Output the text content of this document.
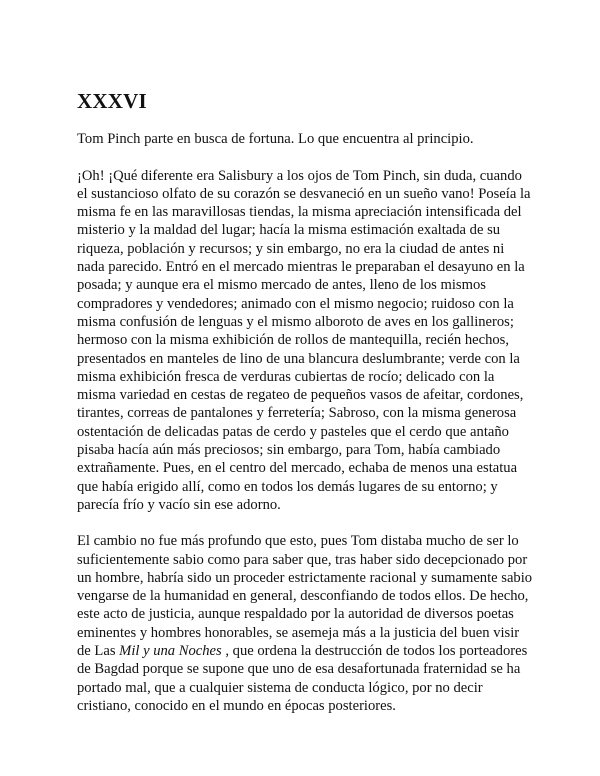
XXXVI

Tom Pinch parte en busca de fortuna. Lo que encuentra al principio.

¡Oh! ¡Qué diferente era Salisbury a los ojos de Tom Pinch, sin duda, cuando el sustancioso olfato de su corazón se desvaneció en un sueño vano! Poseía la misma fe en las maravillosas tiendas, la misma apreciación intensificada del misterio y la maldad del lugar; hacía la misma estimación exaltada de su riqueza, población y recursos; y sin embargo, no era la ciudad de antes ni nada parecido. Entró en el mercado mientras le preparaban el desayuno en la posada; y aunque era el mismo mercado de antes, lleno de los mismos compradores y vendedores; animado con el mismo negocio; ruidoso con la misma confusión de lenguas y el mismo alboroto de aves en los gallineros; hermoso con la misma exhibición de rollos de mantequilla, recién hechos, presentados en manteles de lino de una blancura deslumbrante; verde con la misma exhibición fresca de verduras cubiertas de rocío; delicado con la misma variedad en cestas de regateo de pequeños vasos de afeitar, cordones, tirantes, correas de pantalones y ferretería; Sabroso, con la misma generosa ostentación de delicadas patas de cerdo y pasteles que el cerdo que antaño pisaba hacía aún más preciosos; sin embargo, para Tom, había cambiado extrañamente. Pues, en el centro del mercado, echaba de menos una estatua que había erigido allí, como en todos los demás lugares de su entorno; y parecía frío y vacío sin ese adorno.

El cambio no fue más profundo que esto, pues Tom distaba mucho de ser lo suficientemente sabio como para saber que, tras haber sido decepcionado por un hombre, habría sido un proceder estrictamente racional y sumamente sabio vengarse de la humanidad en general, desconfiando de todos ellos. De hecho, este acto de justicia, aunque respaldado por la autoridad de diversos poetas eminentes y hombres honorables, se asemeja más a la justicia del buen visir de Las Mil y una Noches , que ordena la destrucción de todos los porteadores de Bagdad porque se supone que uno de esa desafortunada fraternidad se ha portado mal, que a cualquier sistema de conducta lógico, por no decir cristiano, conocido en el mundo en épocas posteriores.
